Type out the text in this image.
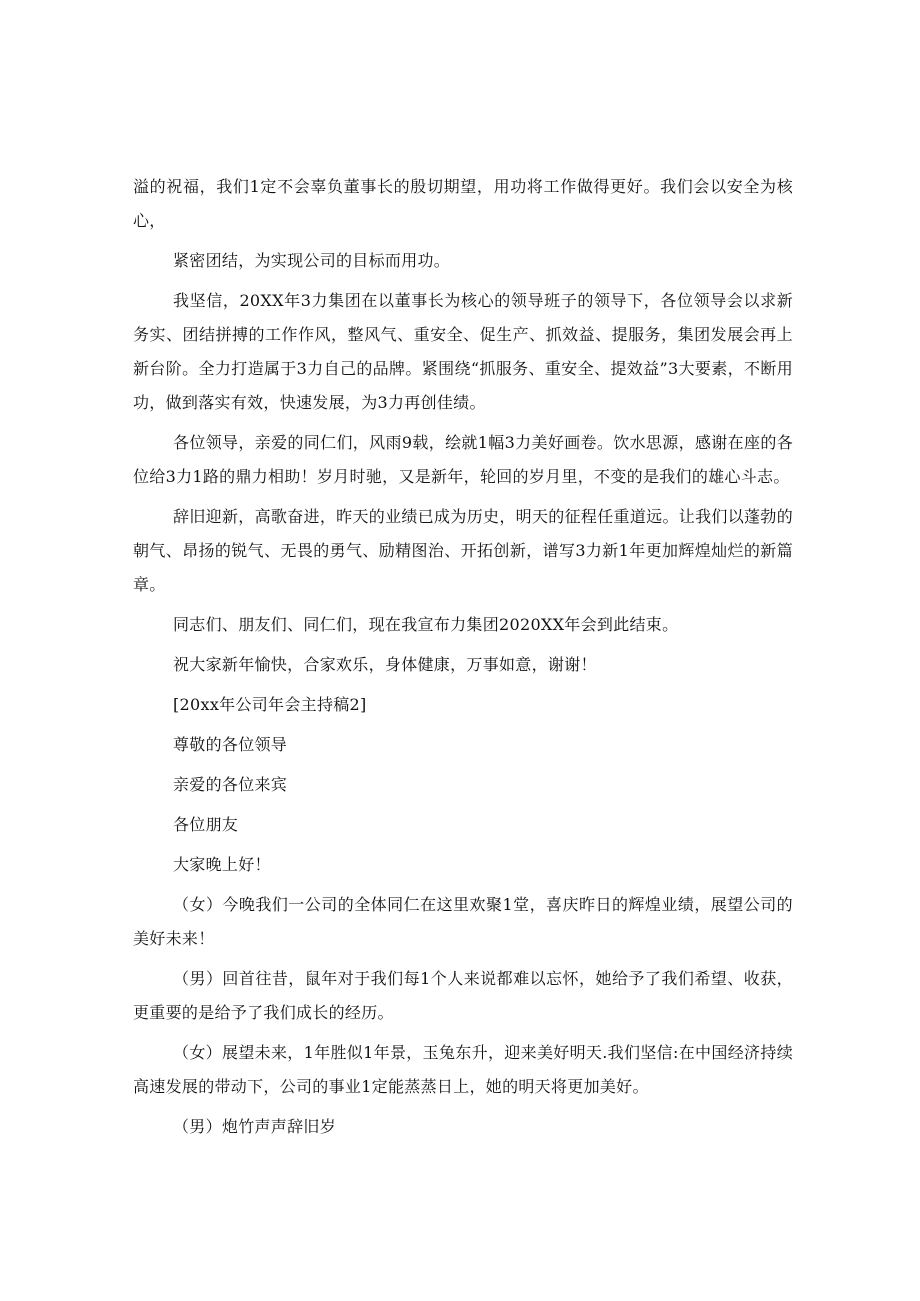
溢的祝福，我们1定不会辜负董事长的殷切期望，用功将工作做得更好。我们会以安全为核心，

紧密团结，为实现公司的目标而用功。

我坚信，20XX年3力集团在以董事长为核心的领导班子的领导下，各位领导会以求新务实、团结拼搏的工作作风，整风气、重安全、促生产、抓效益、提服务，集团发展会再上新台阶。全力打造属于3力自己的品牌。紧围绕“抓服务、重安全、提效益”3大要素，不断用功，做到落实有效，快速发展，为3力再创佳绩。

各位领导，亲爱的同仁们，风雨9载，绘就1幅3力美好画卷。饮水思源，感谢在座的各位给3力1路的鼎力相助！岁月时驰，又是新年，轮回的岁月里，不变的是我们的雄心斗志。

辞旧迎新，高歌奋进，昨天的业绩已成为历史，明天的征程任重道远。让我们以蓬勃的朝气、昂扬的锐气、无畏的勇气、励精图治、开拓创新，谱写3力新1年更加辉煌灿烂的新篇章。

同志们、朋友们、同仁们，现在我宣布力集团2020XX年会到此结束。

祝大家新年愉快，合家欢乐，身体健康，万事如意，谢谢！

[20xx年公司年会主持稿2]

尊敬的各位领导

亲爱的各位来宾

各位朋友

大家晚上好！

（女）今晚我们一公司的全体同仁在这里欢聚1堂，喜庆昨日的辉煌业绩，展望公司的美好未来！

（男）回首往昔，鼠年对于我们每1个人来说都难以忘怀，她给予了我们希望、收获，更重要的是给予了我们成长的经历。

（女）展望未来，1年胜似1年景，玉兔东升，迎来美好明天.我们坚信:在中国经济持续高速发展的带动下，公司的事业1定能蒸蒸日上，她的明天将更加美好。

（男）炮竹声声辞旧岁
